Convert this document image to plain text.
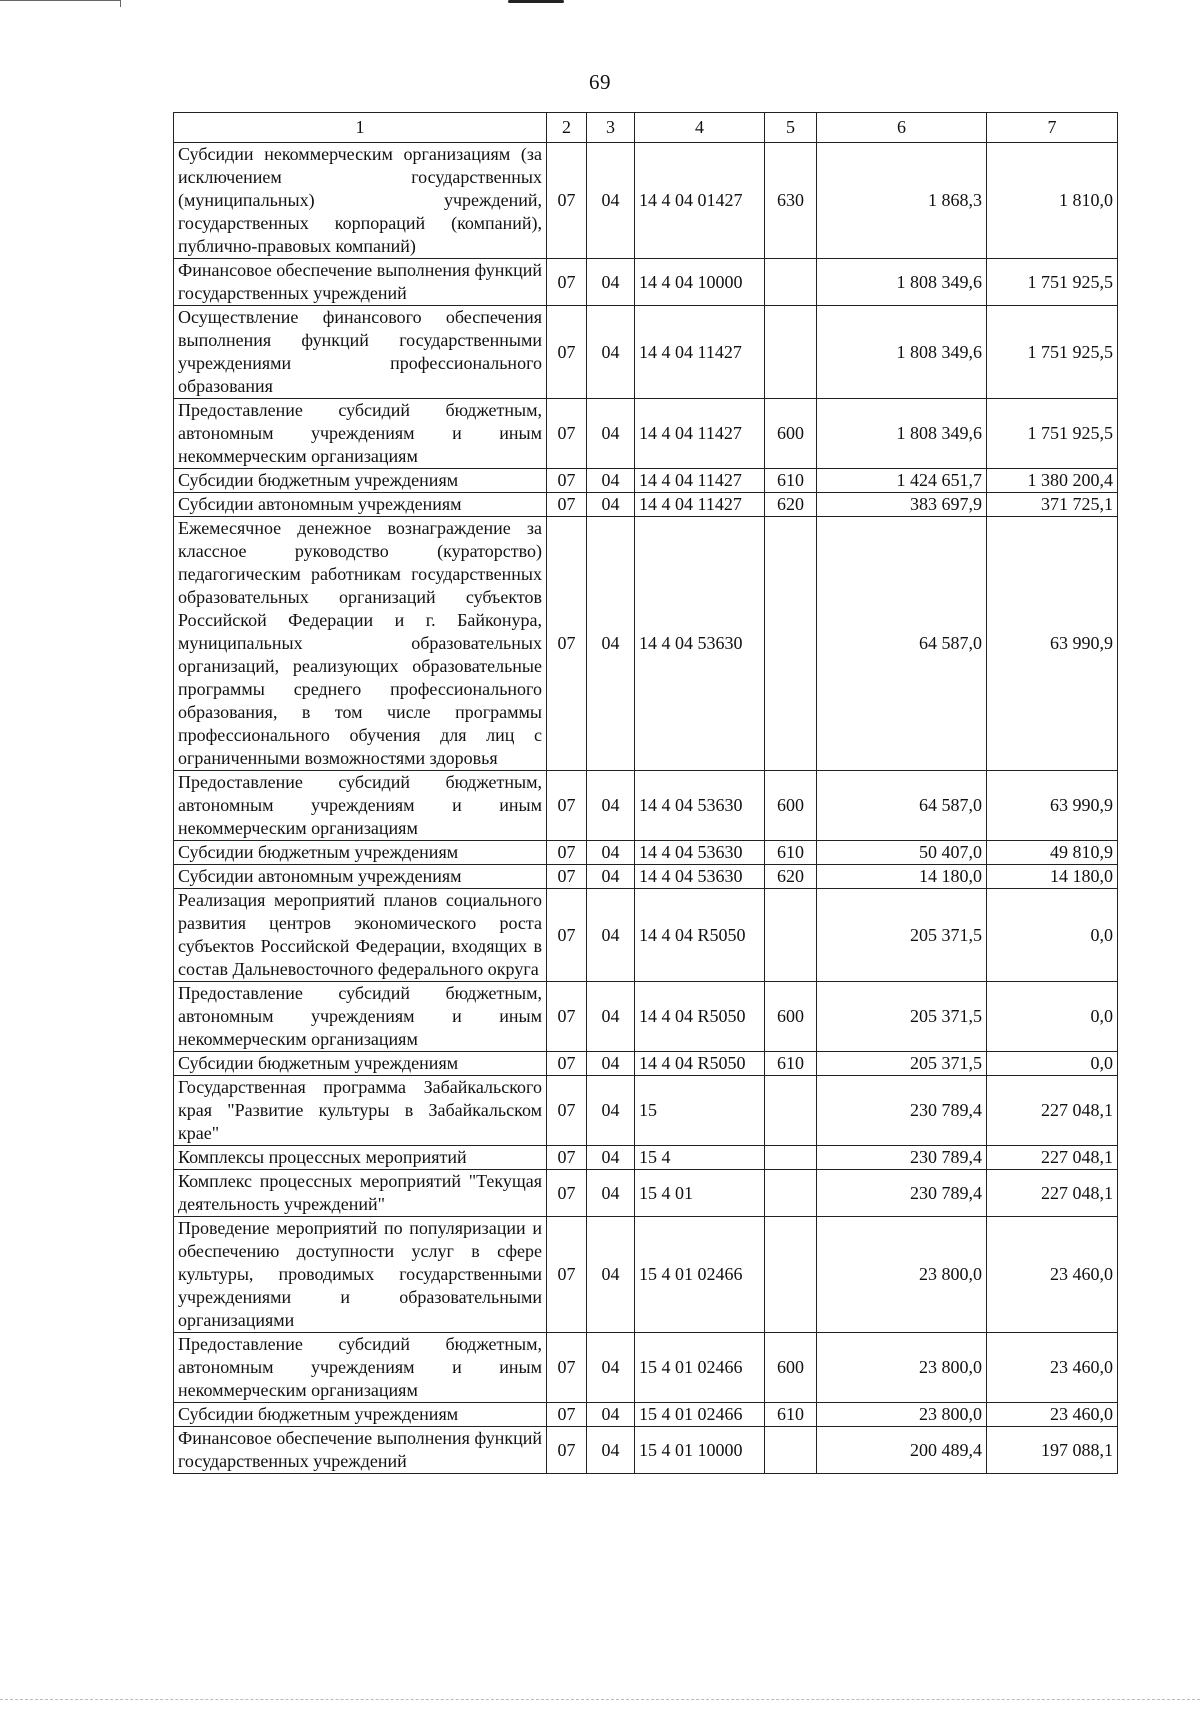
69
1	2	3	4	5	6	7
Субсидии некоммерческим организациям (за исключением государственных (муниципальных) учреждений, государственных корпораций (компаний), публично-правовых компаний)	07	04	14 4 04 01427	630	1 868,3	1 810,0
Финансовое обеспечение выполнения функций государственных учреждений	07	04	14 4 04 10000		1 808 349,6	1 751 925,5
Осуществление финансового обеспечения выполнения функций государственными учреждениями профессионального образования	07	04	14 4 04 11427		1 808 349,6	1 751 925,5
Предоставление субсидий бюджетным, автономным учреждениям и иным некоммерческим организациям	07	04	14 4 04 11427	600	1 808 349,6	1 751 925,5
Субсидии бюджетным учреждениям	07	04	14 4 04 11427	610	1 424 651,7	1 380 200,4
Субсидии автономным учреждениям	07	04	14 4 04 11427	620	383 697,9	371 725,1
Ежемесячное денежное вознаграждение за классное руководство (кураторство) педагогическим работникам государственных образовательных организаций субъектов Российской Федерации и г. Байконура, муниципальных образовательных организаций, реализующих образовательные программы среднего профессионального образования, в том числе программы профессионального обучения для лиц с ограниченными возможностями здоровья	07	04	14 4 04 53630		64 587,0	63 990,9
Предоставление субсидий бюджетным, автономным учреждениям и иным некоммерческим организациям	07	04	14 4 04 53630	600	64 587,0	63 990,9
Субсидии бюджетным учреждениям	07	04	14 4 04 53630	610	50 407,0	49 810,9
Субсидии автономным учреждениям	07	04	14 4 04 53630	620	14 180,0	14 180,0
Реализация мероприятий планов социального развития центров экономического роста субъектов Российской Федерации, входящих в состав Дальневосточного федерального округа	07	04	14 4 04 R5050		205 371,5	0,0
Предоставление субсидий бюджетным, автономным учреждениям и иным некоммерческим организациям	07	04	14 4 04 R5050	600	205 371,5	0,0
Субсидии бюджетным учреждениям	07	04	14 4 04 R5050	610	205 371,5	0,0
Государственная программа Забайкальского края "Развитие культуры в Забайкальском крае"	07	04	15		230 789,4	227 048,1
Комплексы процессных мероприятий	07	04	15 4		230 789,4	227 048,1
Комплекс процессных мероприятий "Текущая деятельность учреждений"	07	04	15 4 01		230 789,4	227 048,1
Проведение мероприятий по популяризации и обеспечению доступности услуг в сфере культуры, проводимых государственными учреждениями и образовательными организациями	07	04	15 4 01 02466		23 800,0	23 460,0
Предоставление субсидий бюджетным, автономным учреждениям и иным некоммерческим организациям	07	04	15 4 01 02466	600	23 800,0	23 460,0
Субсидии бюджетным учреждениям	07	04	15 4 01 02466	610	23 800,0	23 460,0
Финансовое обеспечение выполнения функций государственных учреждений	07	04	15 4 01 10000		200 489,4	197 088,1
